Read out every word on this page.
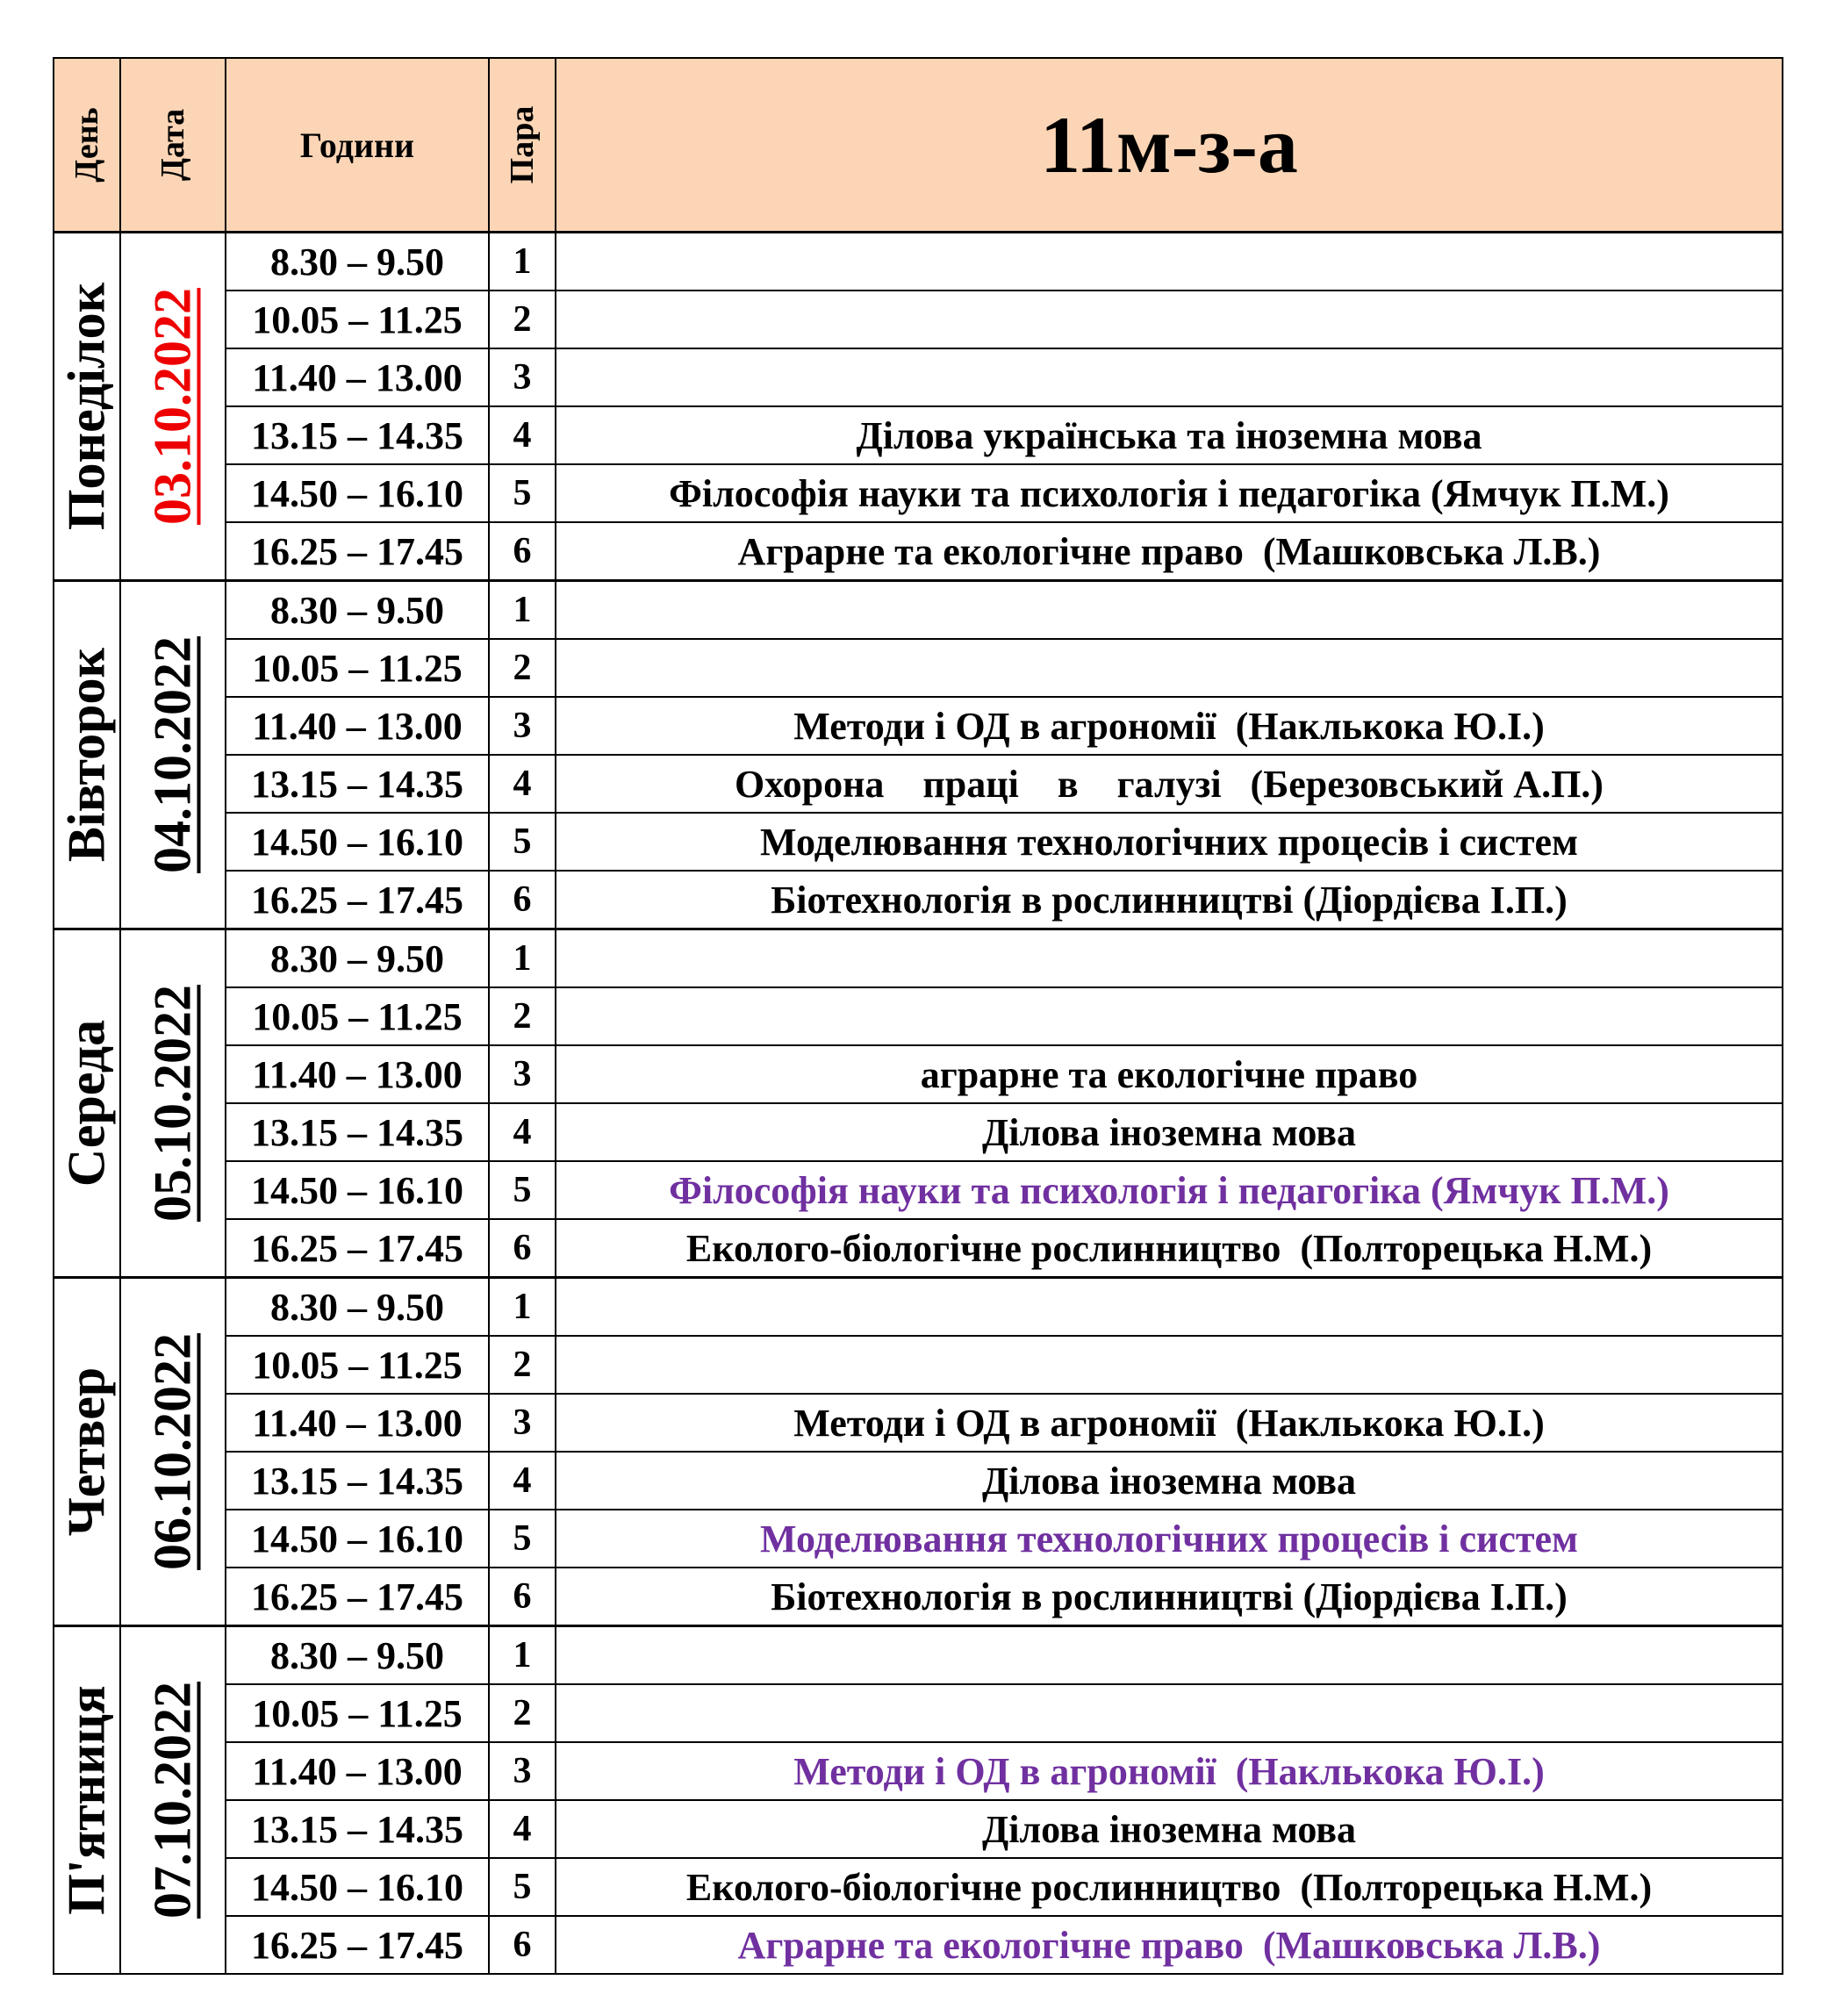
День	Дата	Години	Пара	11м-з-а

Понеділок	03.10.2022	8.30 – 9.50	1	
		10.05 – 11.25	2	
		11.40 – 13.00	3	
		13.15 – 14.35	4	Ділова українська та іноземна мова
		14.50 – 16.10	5	Філософія науки та психологія і педагогіка (Ямчук П.М.)
		16.25 – 17.45	6	Аграрне та екологічне право  (Машковська Л.В.)

Вівторок	04.10.2022	8.30 – 9.50	1	
		10.05 – 11.25	2	
		11.40 – 13.00	3	Методи і ОД в агрономії  (Наклькока Ю.І.)
		13.15 – 14.35	4	Охорона    праці    в    галузі   (Березовський А.П.)
		14.50 – 16.10	5	Моделювання технологічних процесів і систем
		16.25 – 17.45	6	Біотехнологія в рослинництві (Діордієва І.П.)

Середа	05.10.2022	8.30 – 9.50	1	
		10.05 – 11.25	2	
		11.40 – 13.00	3	аграрне та екологічне право
		13.15 – 14.35	4	Ділова іноземна мова
		14.50 – 16.10	5	Філософія науки та психологія і педагогіка (Ямчук П.М.)
		16.25 – 17.45	6	Еколого-біологічне рослинництво  (Полторецька Н.М.)

Четвер	06.10.2022	8.30 – 9.50	1	
		10.05 – 11.25	2	
		11.40 – 13.00	3	Методи і ОД в агрономії  (Наклькока Ю.І.)
		13.15 – 14.35	4	Ділова іноземна мова
		14.50 – 16.10	5	Моделювання технологічних процесів і систем
		16.25 – 17.45	6	Біотехнологія в рослинництві (Діордієва І.П.)

П'ятниця	07.10.2022	8.30 – 9.50	1	
		10.05 – 11.25	2	
		11.40 – 13.00	3	Методи і ОД в агрономії  (Наклькока Ю.І.)
		13.15 – 14.35	4	Ділова іноземна мова
		14.50 – 16.10	5	Еколого-біологічне рослинництво  (Полторецька Н.М.)
		16.25 – 17.45	6	Аграрне та екологічне право  (Машковська Л.В.)
